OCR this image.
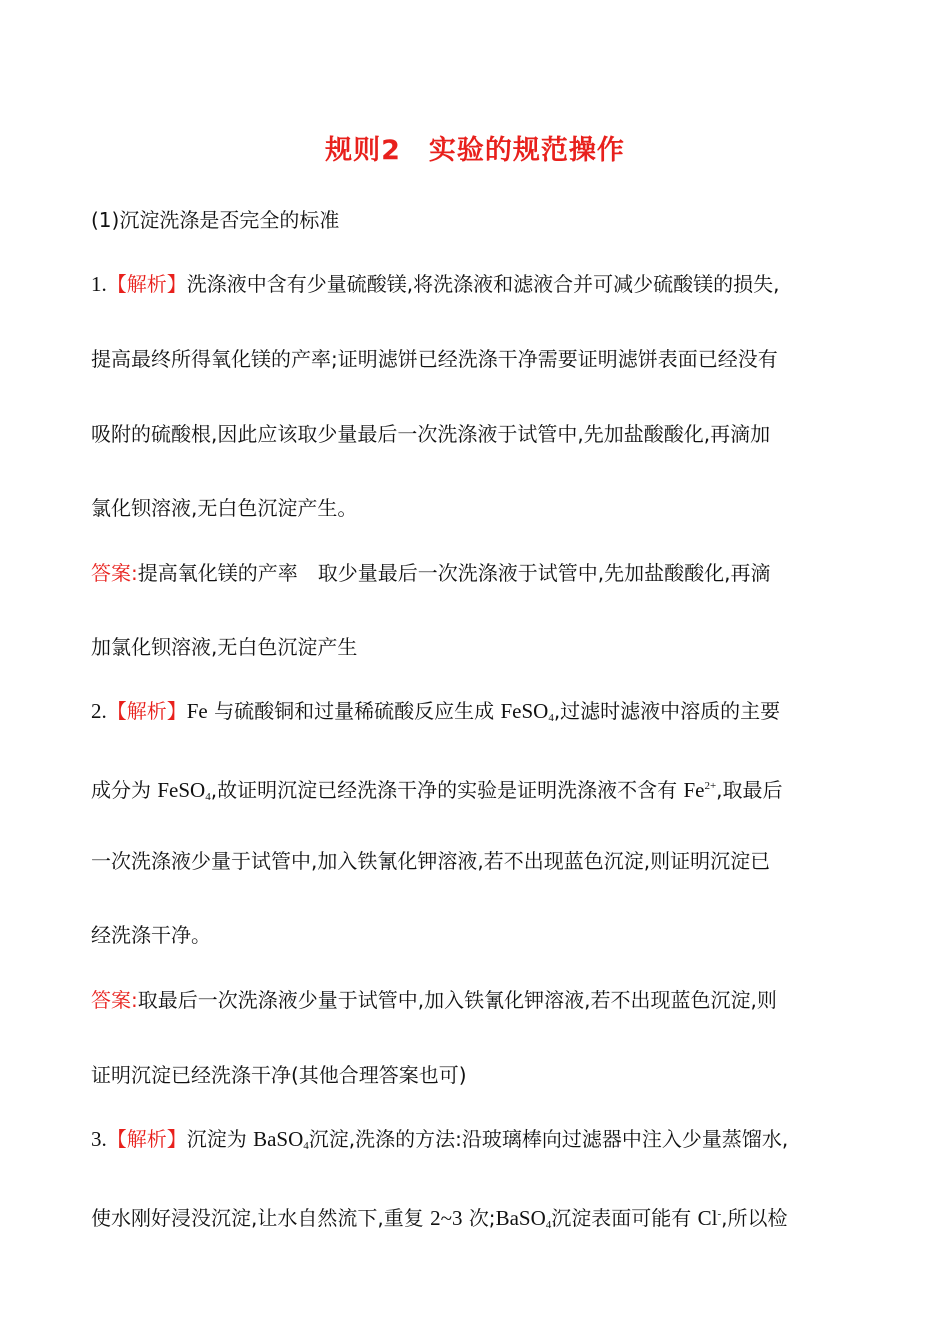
规则2　实验的规范操作
(1)沉淀洗涤是否完全的标准
1.【解析】洗涤液中含有少量硫酸镁,将洗涤液和滤液合并可减少硫酸镁的损失,
提高最终所得氧化镁的产率;证明滤饼已经洗涤干净需要证明滤饼表面已经没有
吸附的硫酸根,因此应该取少量最后一次洗涤液于试管中,先加盐酸酸化,再滴加
氯化钡溶液,无白色沉淀产生。
答案:提高氧化镁的产率　取少量最后一次洗涤液于试管中,先加盐酸酸化,再滴
加氯化钡溶液,无白色沉淀产生
2.【解析】Fe 与硫酸铜和过量稀硫酸反应生成 FeSO$_4$,过滤时滤液中溶质的主要
成分为 FeSO$_4$,故证明沉淀已经洗涤干净的实验是证明洗涤液不含有 $Fe^{2+}$,取最后
一次洗涤液少量于试管中,加入铁氰化钾溶液,若不出现蓝色沉淀,则证明沉淀已
经洗涤干净。
答案:取最后一次洗涤液少量于试管中,加入铁氰化钾溶液,若不出现蓝色沉淀,则
证明沉淀已经洗涤干净(其他合理答案也可)
3.【解析】沉淀为 BaSO$_4$沉淀,洗涤的方法:沿玻璃棒向过滤器中注入少量蒸馏水,
使水刚好浸没沉淀,让水自然流下,重复 2~3 次;BaSO$_4$沉淀表面可能有 Cl-,所以检
